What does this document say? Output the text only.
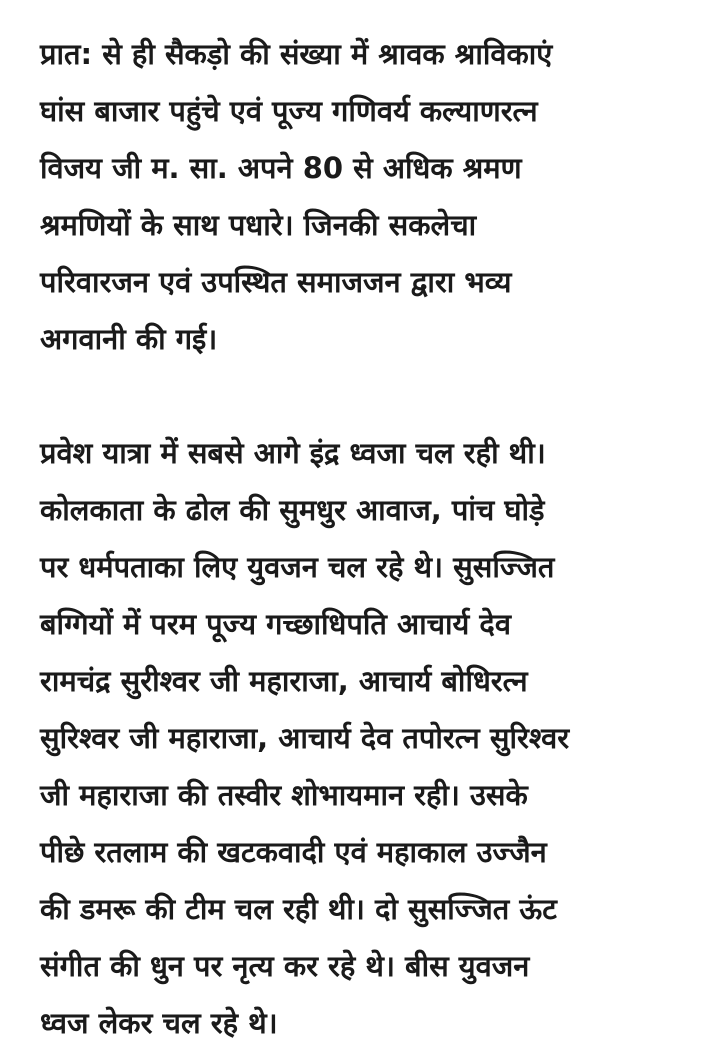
प्रात: से ही सैकड़ो की संख्या में श्रावक श्राविकाएं
घांस बाजार पहुंचे एवं पूज्य गणिवर्य कल्याणरत्न
विजय जी म. सा. अपने 80 से अधिक श्रमण
श्रमणियों के साथ पधारे। जिनकी सकलेचा
परिवारजन एवं उपस्थित समाजजन द्वारा भव्य
अगवानी की गई।
प्रवेश यात्रा में सबसे आगे इंद्र ध्वजा चल रही थी।
कोलकाता के ढोल की सुमधुर आवाज, पांच घोड़े
पर धर्मपताका लिए युवजन चल रहे थे। सुसज्जित
बग्गियों में परम पूज्य गच्छाधिपति आचार्य देव
रामचंद्र सुरीश्वर जी महाराजा, आचार्य बोधिरत्न
सुरिश्वर जी महाराजा, आचार्य देव तपोरत्न सुरिश्वर
जी महाराजा की तस्वीर शोभायमान रही। उसके
पीछे रतलाम की खटकवादी एवं महाकाल उज्जैन
की डमरू की टीम चल रही थी। दो सुसज्जित ऊंट
संगीत की धुन पर नृत्य कर रहे थे। बीस युवजन
ध्वज लेकर चल रहे थे।
